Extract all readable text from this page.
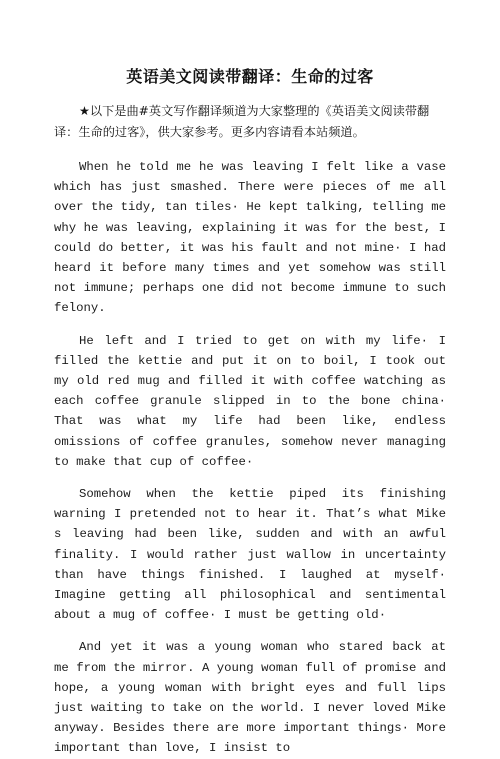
英语美文阅读带翻译：生命的过客

★以下是曲#英文写作翻译频道为大家整理的《英语美文阅读带翻译：生命的过客》，供大家参考。更多内容请看本站频道。

When he told me he was leaving I felt like a vase which has just smashed. There were pieces of me all over the tidy, tan tiles· He kept talking, telling me why he was leaving, explaining it was for the best, I could do better, it was his fault and not mine· I had heard it before many times and yet somehow was still not immune; perhaps one did not become immune to such felony.

He left and I tried to get on with my life· I filled the kettie and put it on to boil, I took out my old red mug and filled it with coffee watching as each coffee granule slipped in to the bone china· That was what my life had been like, endless omissions of coffee granules, somehow never managing to make that cup of coffee·

Somehow when the kettie piped its finishing warning I pretended not to hear it. That’s what Mike s leaving had been like, sudden and with an awful finality. I would rather just wallow in uncertainty than have things finished. I laughed at myself· Imagine getting all philosophical and sentimental about a mug of coffee· I must be getting old·

And yet it was a young woman who stared back at me from the mirror. A young woman full of promise and hope, a young woman with bright eyes and full lips just waiting to take on the world. I never loved Mike anyway. Besides there are more important things· More important than love, I insist to
